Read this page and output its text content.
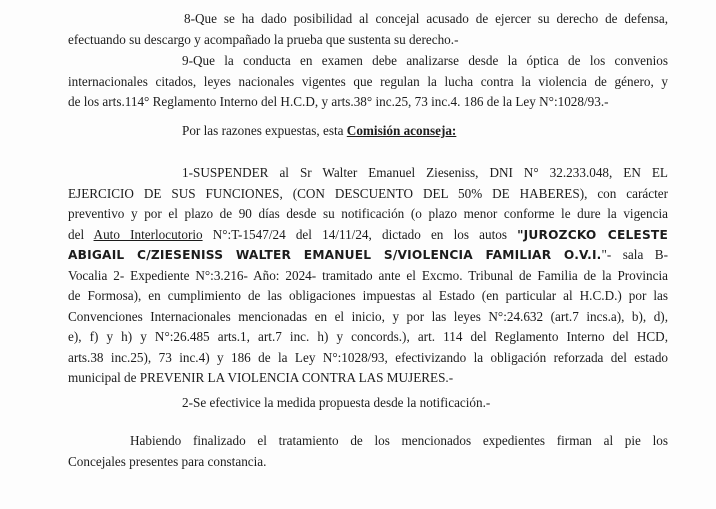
8-Que se ha dado posibilidad al concejal acusado de ejercer su derecho de defensa,
efectuando su descargo y acompañado la prueba que sustenta su derecho.-
9-Que la conducta en examen debe analizarse desde la óptica de los convenios
internacionales citados, leyes nacionales vigentes que regulan la lucha contra la violencia de género, y
de los arts.114° Reglamento Interno del H.C.D, y arts.38° inc.25, 73 inc.4. 186 de la Ley N°:1028/93.-
Por las razones expuestas, esta Comisión aconseja:
1-SUSPENDER al Sr Walter Emanuel Zieseniss, DNI N° 32.233.048, EN EL
EJERCICIO DE SUS FUNCIONES, (CON DESCUENTO DEL 50% DE HABERES), con carácter
preventivo y por el plazo de 90 días desde su notificación (o plazo menor conforme le dure la vigencia
del Auto Interlocutorio N°:T-1547/24 del 14/11/24, dictado en los autos "JUROZCKO CELESTE
ABIGAIL C/ZIESENISS WALTER EMANUEL S/VIOLENCIA FAMILIAR O.V.I."- sala B-
Vocalia 2- Expediente N°:3.216- Año: 2024- tramitado ante el Excmo. Tribunal de Familia de la Provincia
de Formosa), en cumplimiento de las obligaciones impuestas al Estado (en particular al H.C.D.) por las
Convenciones Internacionales mencionadas en el inicio, y por las leyes N°:24.632 (art.7 incs.a), b), d),
e), f) y h) y N°:26.485 arts.1, art.7 inc. h) y concords.), art. 114 del Reglamento Interno del HCD,
arts.38 inc.25), 73 inc.4) y 186 de la Ley N°:1028/93, efectivizando la obligación reforzada del estado
municipal de PREVENIR LA VIOLENCIA CONTRA LAS MUJERES.-
2-Se efectivice la medida propuesta desde la notificación.-
Habiendo finalizado el tratamiento de los mencionados expedientes firman al pie los
Concejales presentes para constancia.
